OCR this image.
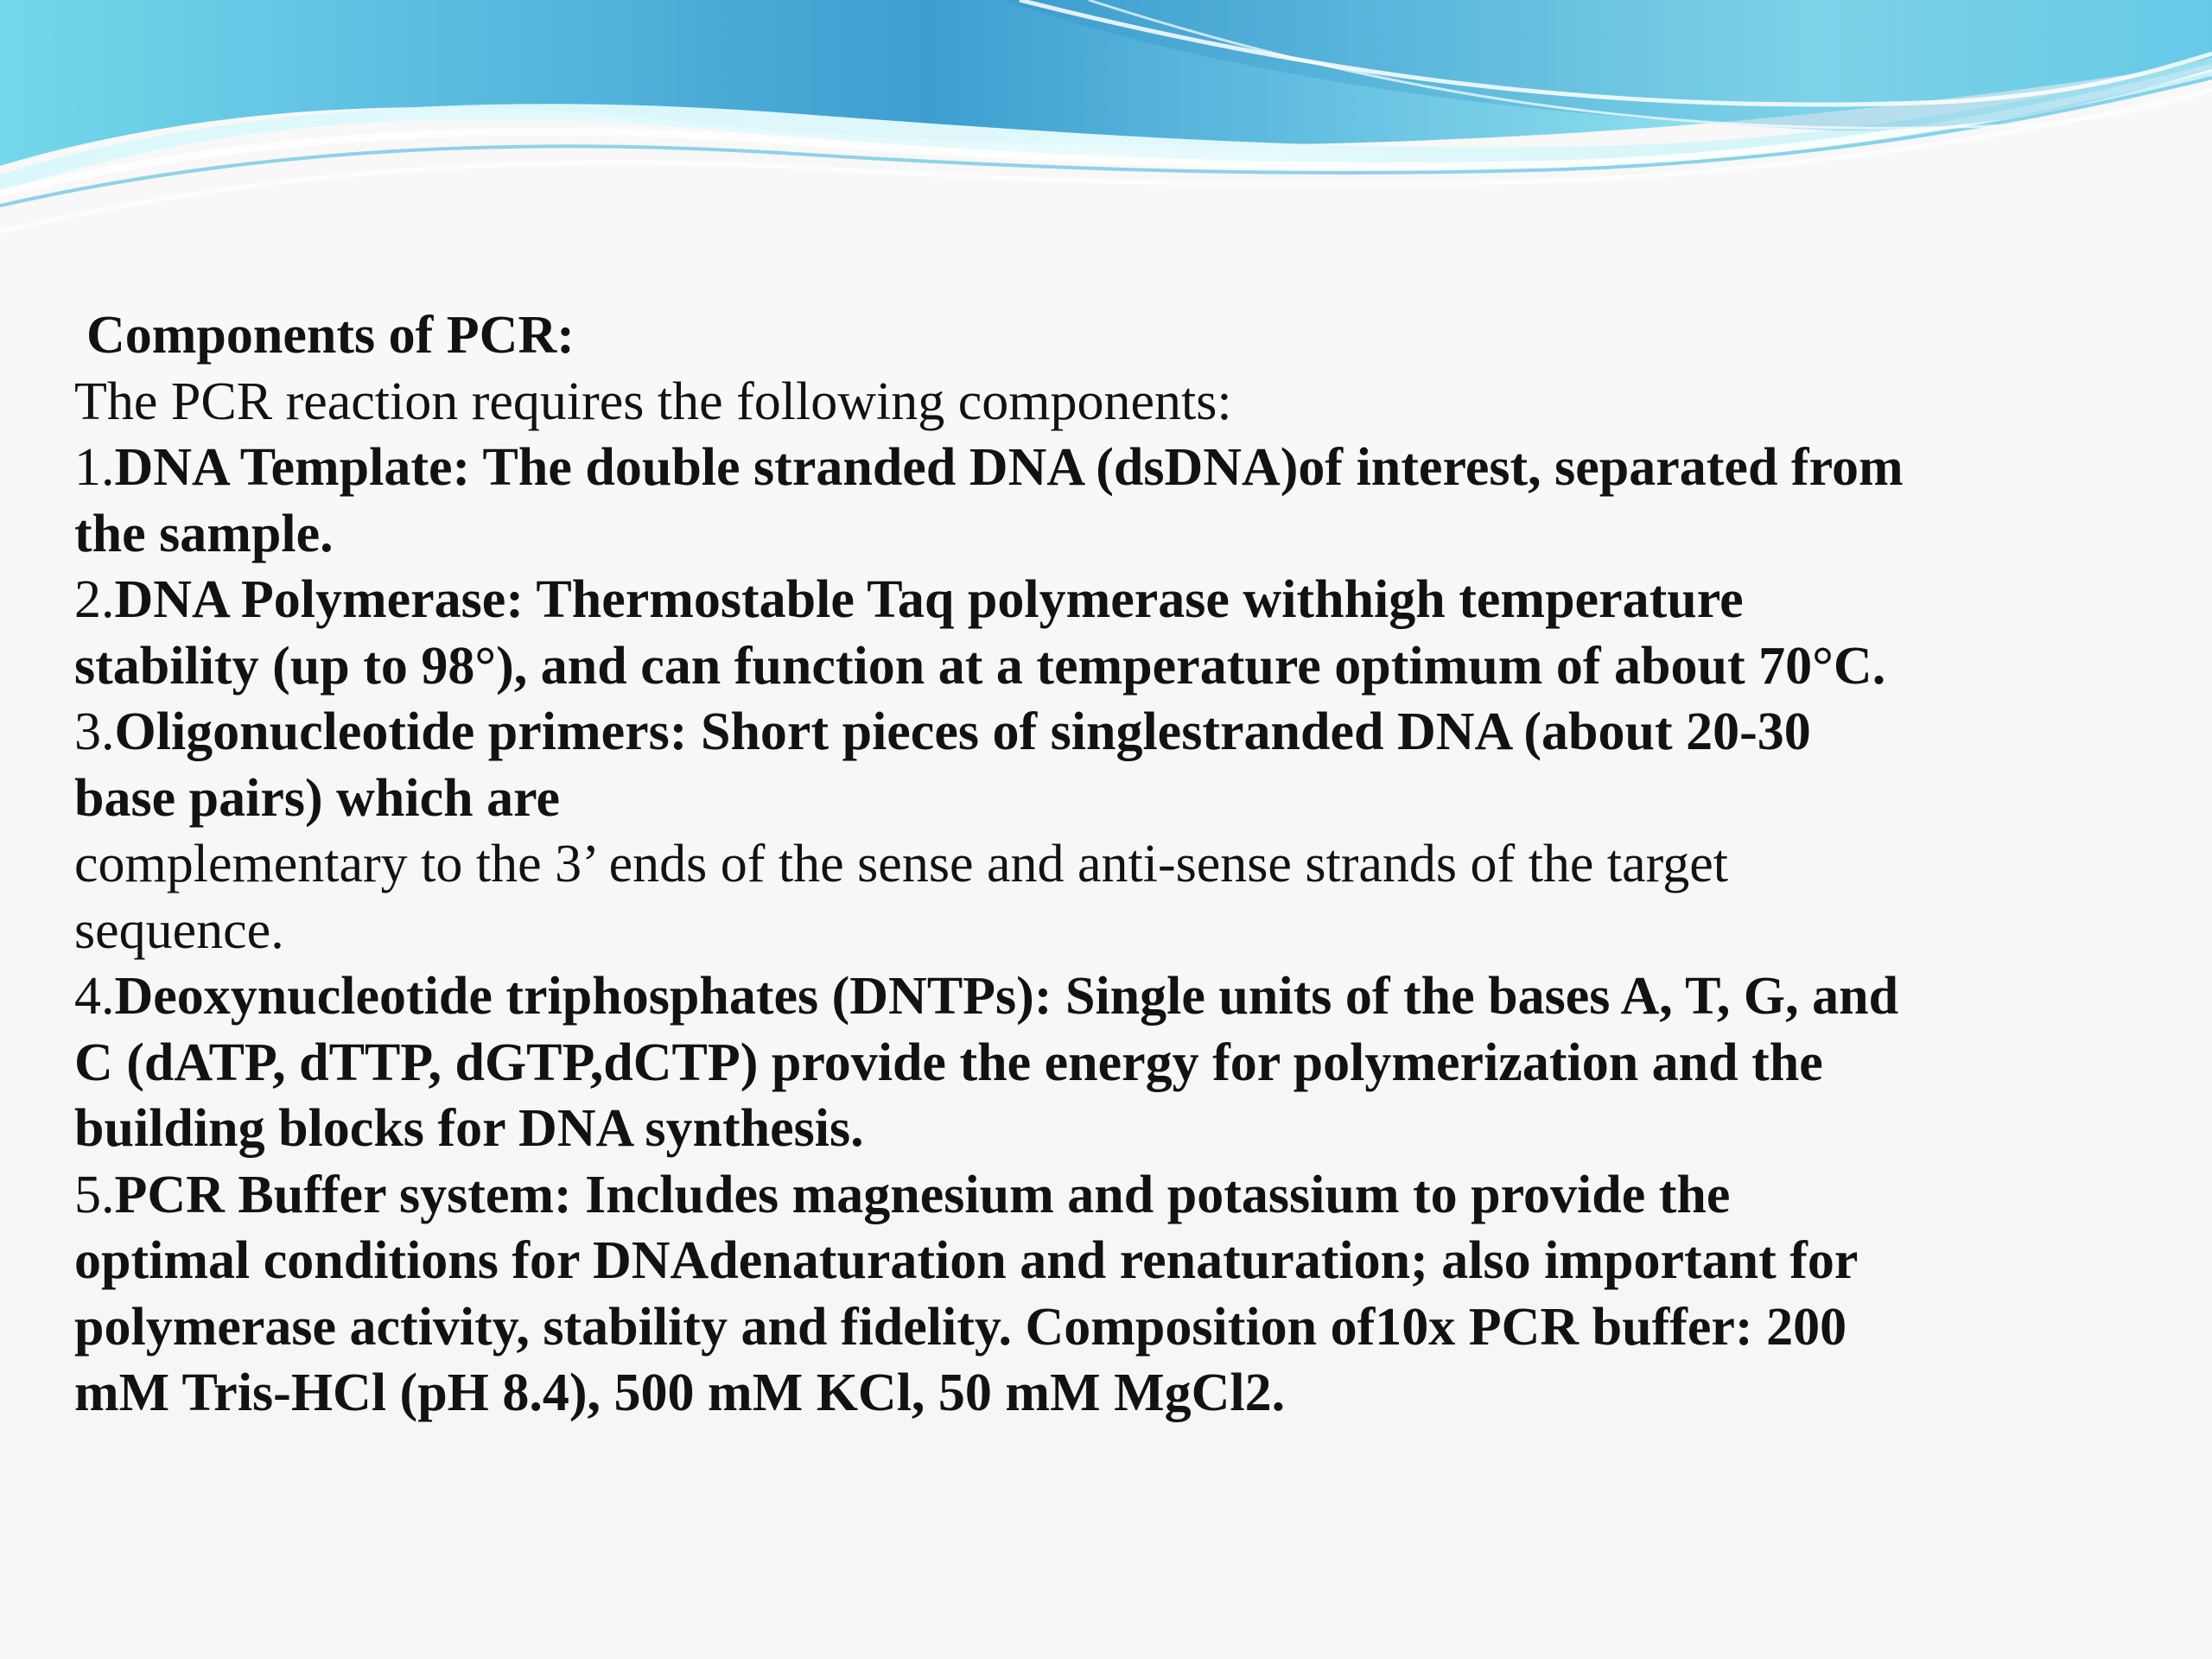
Components of PCR:

The PCR reaction requires the following components:

1.DNA Template: The double stranded DNA (dsDNA)of interest, separated from

the sample.

2.DNA Polymerase: Thermostable Taq polymerase withhigh temperature

stability (up to 98°), and can function at a temperature optimum of about 70°C.

3.Oligonucleotide primers: Short pieces of singlestranded DNA (about 20-30

base pairs) which are

complementary to the 3’ ends of the sense and anti-sense strands of the target

sequence.

4.Deoxynucleotide triphosphates (DNTPs): Single units of the bases A, T, G, and

C (dATP, dTTP, dGTP,dCTP) provide the energy for polymerization and the

building blocks for DNA synthesis.

5.PCR Buffer system: Includes magnesium and potassium to provide the

optimal conditions for DNAdenaturation and renaturation; also important for

polymerase activity, stability and fidelity. Composition of10x PCR buffer: 200

mM Tris-HCl (pH 8.4), 500 mM KCl, 50 mM MgCl2.
